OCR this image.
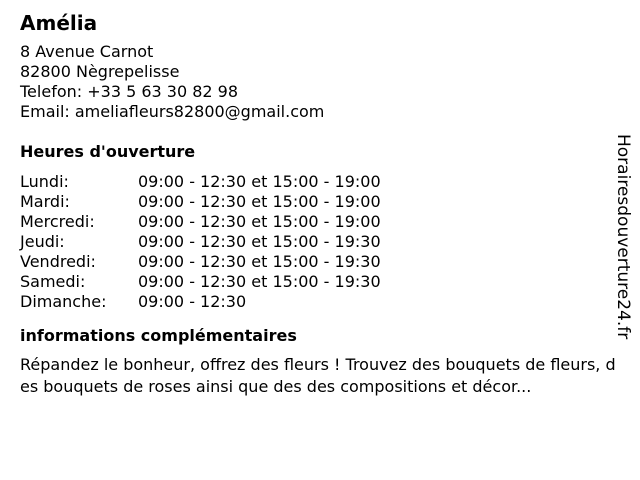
Amélia
8 Avenue Carnot
82800 Nègrepelisse
Telefon: +33 5 63 30 82 98
Email: ameliafleurs82800@gmail.com
Heures d'ouverture
Lundi:	09:00 - 12:30 et 15:00 - 19:00
Mardi:	09:00 - 12:30 et 15:00 - 19:00
Mercredi:	09:00 - 12:30 et 15:00 - 19:00
Jeudi:	09:00 - 12:30 et 15:00 - 19:30
Vendredi:	09:00 - 12:30 et 15:00 - 19:30
Samedi:	09:00 - 12:30 et 15:00 - 19:30
Dimanche:	09:00 - 12:30
informations complémentaires
Répandez le bonheur, offrez des fleurs ! Trouvez des bouquets de fleurs, des bouquets de roses ainsi que des des compositions et décor...
Horairesdouverture24.fr
